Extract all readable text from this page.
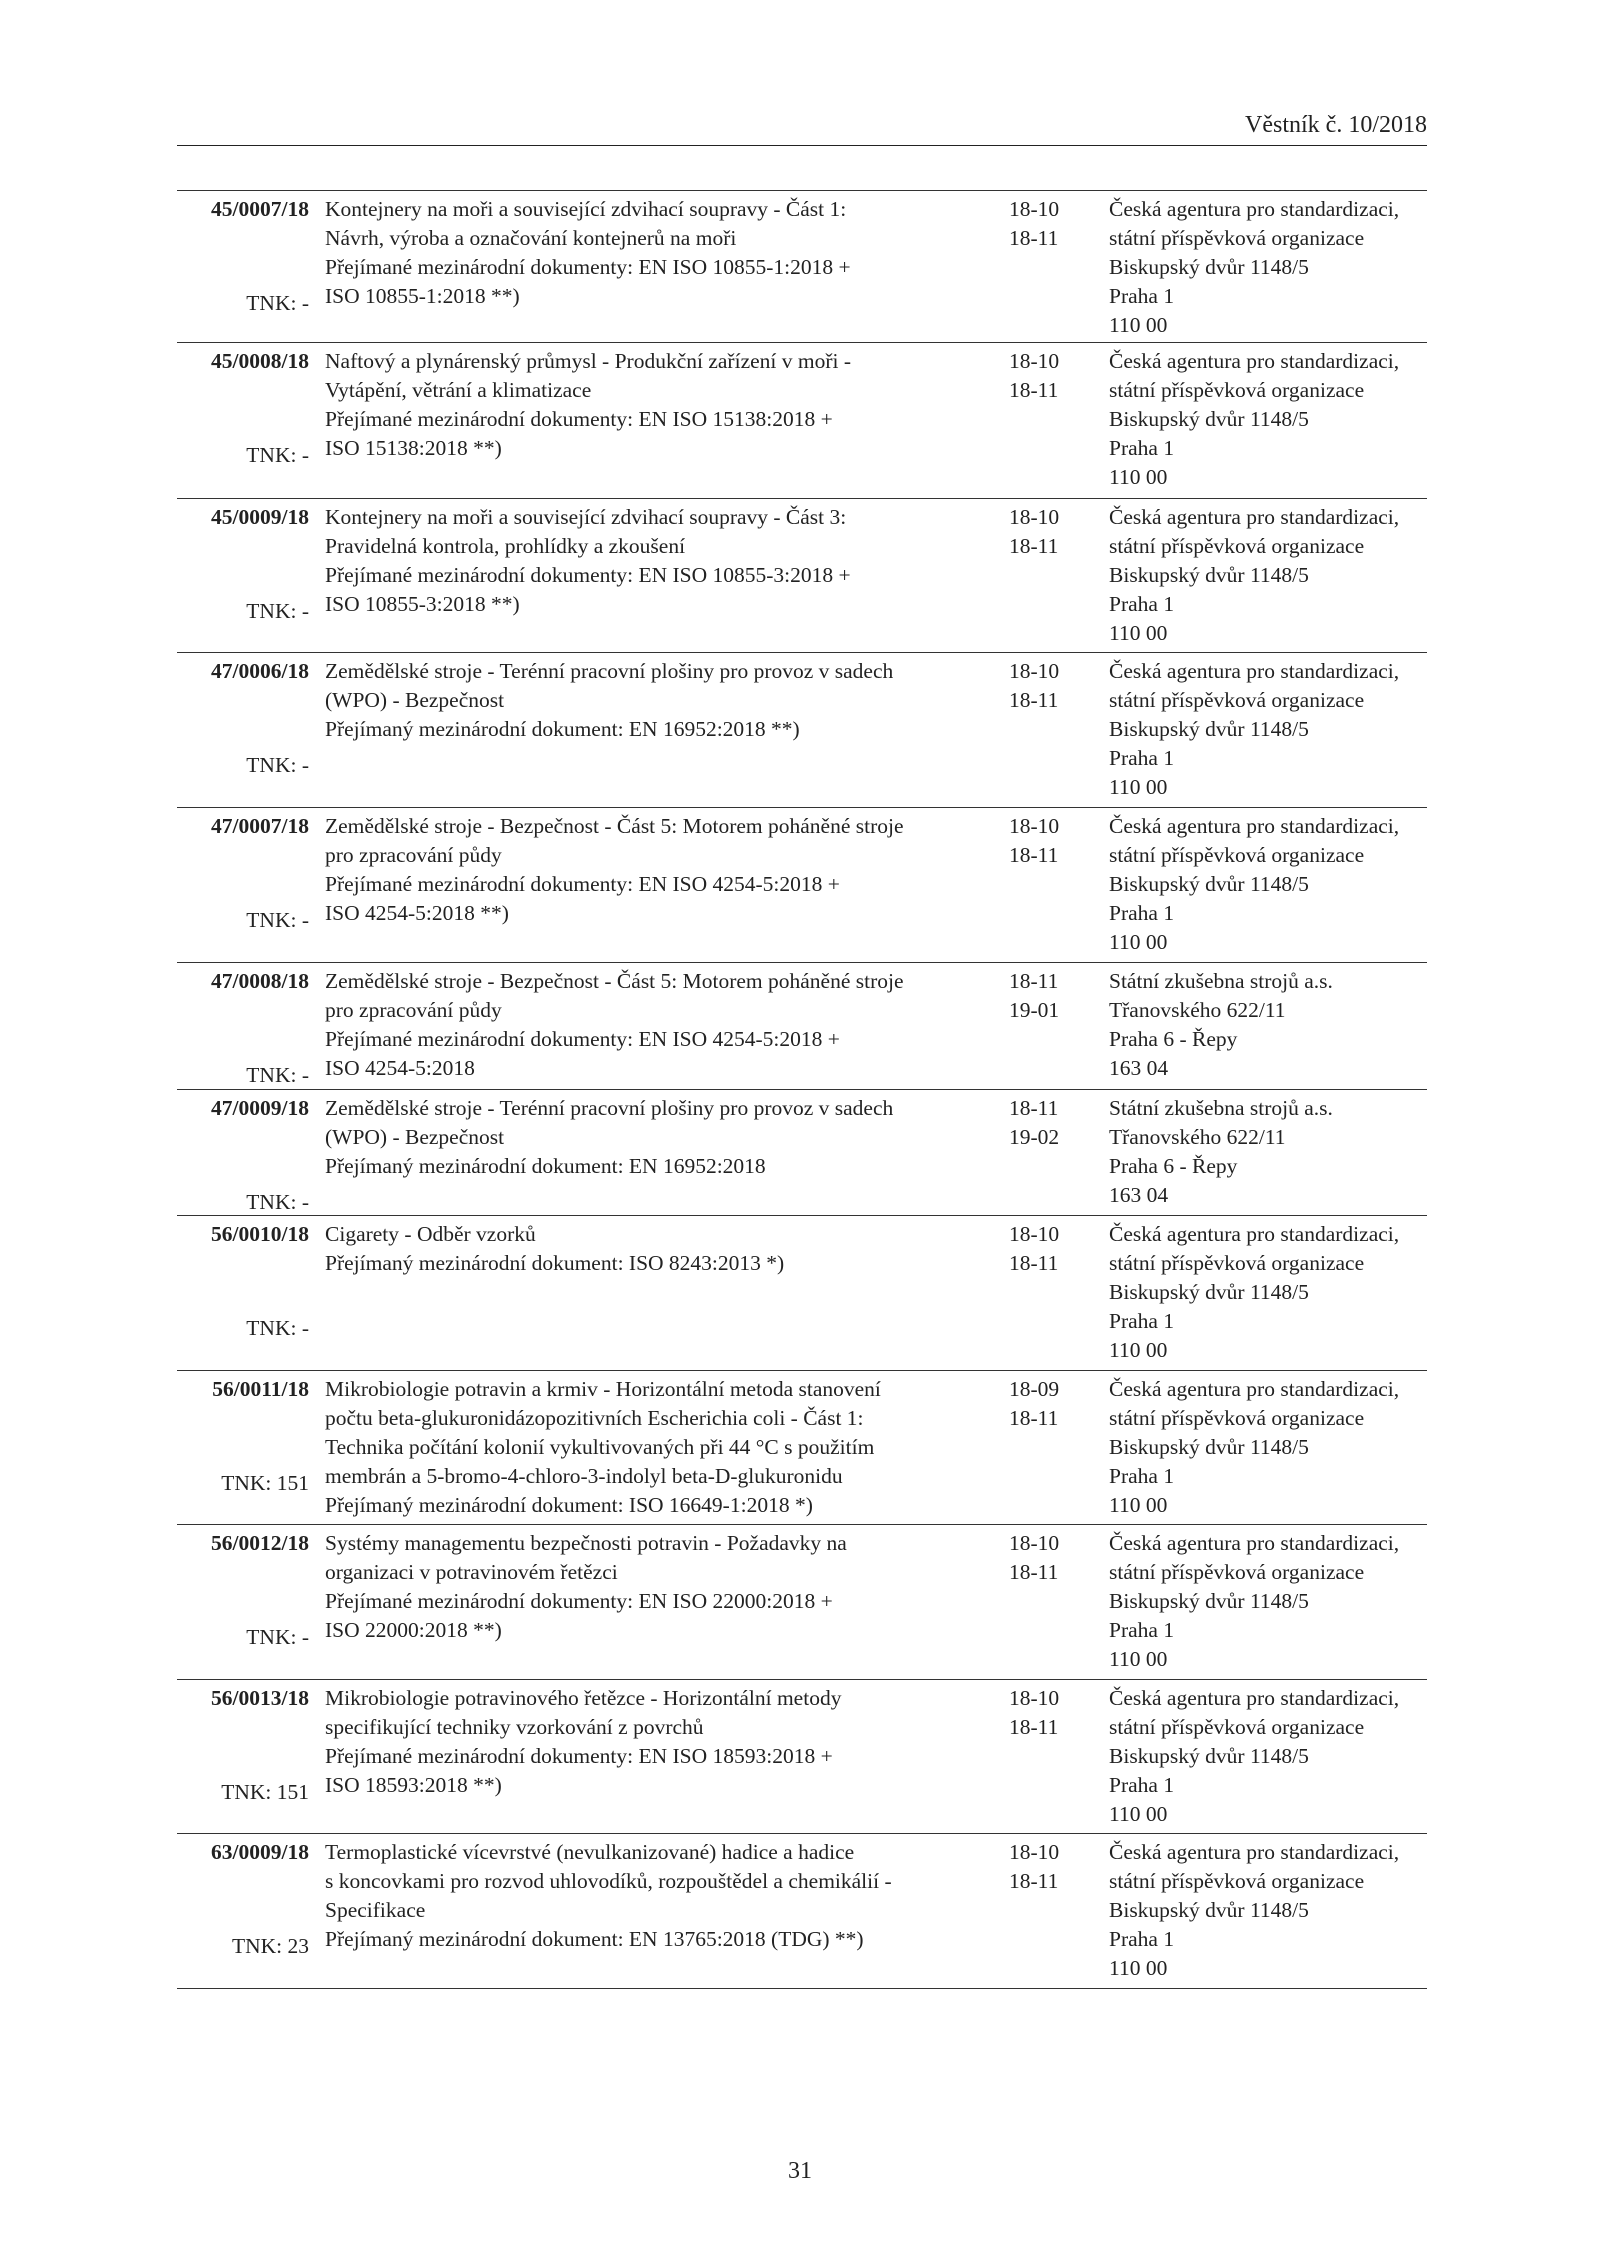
Věstník č. 10/2018
45/0007/18
TNK: -
Kontejnery na moři a související zdvihací soupravy - Část 1:
Návrh, výroba a označování kontejnerů na moři
Přejímané mezinárodní dokumenty: EN ISO 10855-1:2018 +
ISO 10855-1:2018 **)
18-10
18-11
Česká agentura pro standardizaci,
státní příspěvková organizace
Biskupský dvůr 1148/5
Praha 1
110 00
45/0008/18
TNK: -
Naftový a plynárenský průmysl - Produkční zařízení v moři -
Vytápění, větrání a klimatizace
Přejímané mezinárodní dokumenty: EN ISO 15138:2018 +
ISO 15138:2018 **)
18-10
18-11
Česká agentura pro standardizaci,
státní příspěvková organizace
Biskupský dvůr 1148/5
Praha 1
110 00
45/0009/18
TNK: -
Kontejnery na moři a související zdvihací soupravy - Část 3:
Pravidelná kontrola, prohlídky a zkoušení
Přejímané mezinárodní dokumenty: EN ISO 10855-3:2018 +
ISO 10855-3:2018 **)
18-10
18-11
Česká agentura pro standardizaci,
státní příspěvková organizace
Biskupský dvůr 1148/5
Praha 1
110 00
47/0006/18
TNK: -
Zemědělské stroje - Terénní pracovní plošiny pro provoz v sadech
(WPO) - Bezpečnost
Přejímaný mezinárodní dokument: EN 16952:2018 **)
18-10
18-11
Česká agentura pro standardizaci,
státní příspěvková organizace
Biskupský dvůr 1148/5
Praha 1
110 00
47/0007/18
TNK: -
Zemědělské stroje - Bezpečnost - Část 5: Motorem poháněné stroje
pro zpracování půdy
Přejímané mezinárodní dokumenty: EN ISO 4254-5:2018 +
ISO 4254-5:2018 **)
18-10
18-11
Česká agentura pro standardizaci,
státní příspěvková organizace
Biskupský dvůr 1148/5
Praha 1
110 00
47/0008/18
TNK: -
Zemědělské stroje - Bezpečnost - Část 5: Motorem poháněné stroje
pro zpracování půdy
Přejímané mezinárodní dokumenty: EN ISO 4254-5:2018 +
ISO 4254-5:2018
18-11
19-01
Státní zkušebna strojů a.s.
Třanovského 622/11
Praha 6 - Řepy
163 04
47/0009/18
TNK: -
Zemědělské stroje - Terénní pracovní plošiny pro provoz v sadech
(WPO) - Bezpečnost
Přejímaný mezinárodní dokument: EN 16952:2018
18-11
19-02
Státní zkušebna strojů a.s.
Třanovského 622/11
Praha 6 - Řepy
163 04
56/0010/18
TNK: -
Cigarety - Odběr vzorků
Přejímaný mezinárodní dokument: ISO 8243:2013 *)
18-10
18-11
Česká agentura pro standardizaci,
státní příspěvková organizace
Biskupský dvůr 1148/5
Praha 1
110 00
56/0011/18
TNK: 151
Mikrobiologie potravin a krmiv - Horizontální metoda stanovení
počtu beta-glukuronidázopozitivních Escherichia coli - Část 1:
Technika počítání kolonií vykultivovaných při 44 °C s použitím
membrán a 5-bromo-4-chloro-3-indolyl beta-D-glukuronidu
Přejímaný mezinárodní dokument: ISO 16649-1:2018 *)
18-09
18-11
Česká agentura pro standardizaci,
státní příspěvková organizace
Biskupský dvůr 1148/5
Praha 1
110 00
56/0012/18
TNK: -
Systémy managementu bezpečnosti potravin - Požadavky na
organizaci v potravinovém řetězci
Přejímané mezinárodní dokumenty: EN ISO 22000:2018 +
ISO 22000:2018 **)
18-10
18-11
Česká agentura pro standardizaci,
státní příspěvková organizace
Biskupský dvůr 1148/5
Praha 1
110 00
56/0013/18
TNK: 151
Mikrobiologie potravinového řetězce - Horizontální metody
specifikující techniky vzorkování z povrchů
Přejímané mezinárodní dokumenty: EN ISO 18593:2018 +
ISO 18593:2018 **)
18-10
18-11
Česká agentura pro standardizaci,
státní příspěvková organizace
Biskupský dvůr 1148/5
Praha 1
110 00
63/0009/18
TNK: 23
Termoplastické vícevrstvé (nevulkanizované) hadice a hadice
s koncovkami pro rozvod uhlovodíků, rozpouštědel a chemikálií -
Specifikace
Přejímaný mezinárodní dokument: EN 13765:2018 (TDG) **)
18-10
18-11
Česká agentura pro standardizaci,
státní příspěvková organizace
Biskupský dvůr 1148/5
Praha 1
110 00
31
